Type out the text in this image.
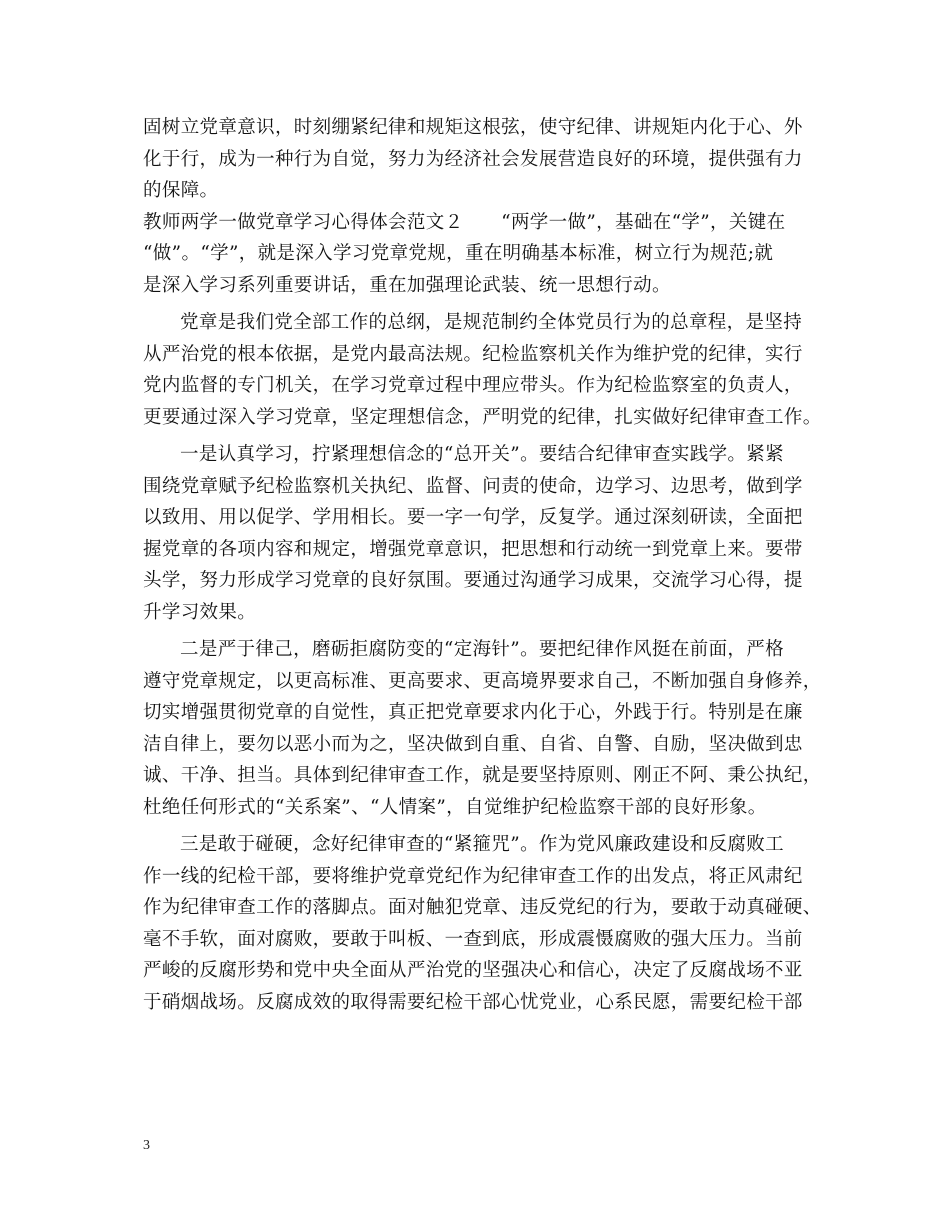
固树立党章意识，时刻绷紧纪律和规矩这根弦，使守纪律、讲规矩内化于心、外
化于行，成为一种行为自觉，努力为经济社会发展营造良好的环境，提供强有力
的保障。
教师两学一做党章学习心得体会范文２　　“两学一做”，基础在“学”，关键在
“做”。“学”，就是深入学习党章党规，重在明确基本标准，树立行为规范;就
是深入学习系列重要讲话，重在加强理论武装、统一思想行动。
党章是我们党全部工作的总纲，是规范制约全体党员行为的总章程，是坚持
从严治党的根本依据，是党内最高法规。纪检监察机关作为维护党的纪律，实行
党内监督的专门机关，在学习党章过程中理应带头。作为纪检监察室的负责人，
更要通过深入学习党章，坚定理想信念，严明党的纪律，扎实做好纪律审查工作。
一是认真学习，拧紧理想信念的“总开关”。要结合纪律审查实践学。紧紧
围绕党章赋予纪检监察机关执纪、监督、问责的使命，边学习、边思考，做到学
以致用、用以促学、学用相长。要一字一句学，反复学。通过深刻研读，全面把
握党章的各项内容和规定，增强党章意识，把思想和行动统一到党章上来。要带
头学，努力形成学习党章的良好氛围。要通过沟通学习成果，交流学习心得，提
升学习效果。
二是严于律己，磨砺拒腐防变的“定海针”。要把纪律作风挺在前面，严格
遵守党章规定，以更高标准、更高要求、更高境界要求自己，不断加强自身修养，
切实增强贯彻党章的自觉性，真正把党章要求内化于心，外践于行。特别是在廉
洁自律上，要勿以恶小而为之，坚决做到自重、自省、自警、自励，坚决做到忠
诚、干净、担当。具体到纪律审查工作，就是要坚持原则、刚正不阿、秉公执纪，
杜绝任何形式的“关系案”、“人情案”，自觉维护纪检监察干部的良好形象。
三是敢于碰硬，念好纪律审查的“紧箍咒”。作为党风廉政建设和反腐败工
作一线的纪检干部，要将维护党章党纪作为纪律审查工作的出发点，将正风肃纪
作为纪律审查工作的落脚点。面对触犯党章、违反党纪的行为，要敢于动真碰硬、
毫不手软，面对腐败，要敢于叫板、一查到底，形成震慑腐败的强大压力。当前
严峻的反腐形势和党中央全面从严治党的坚强决心和信心，决定了反腐战场不亚
于硝烟战场。反腐成效的取得需要纪检干部心忧党业，心系民愿，需要纪检干部
3
